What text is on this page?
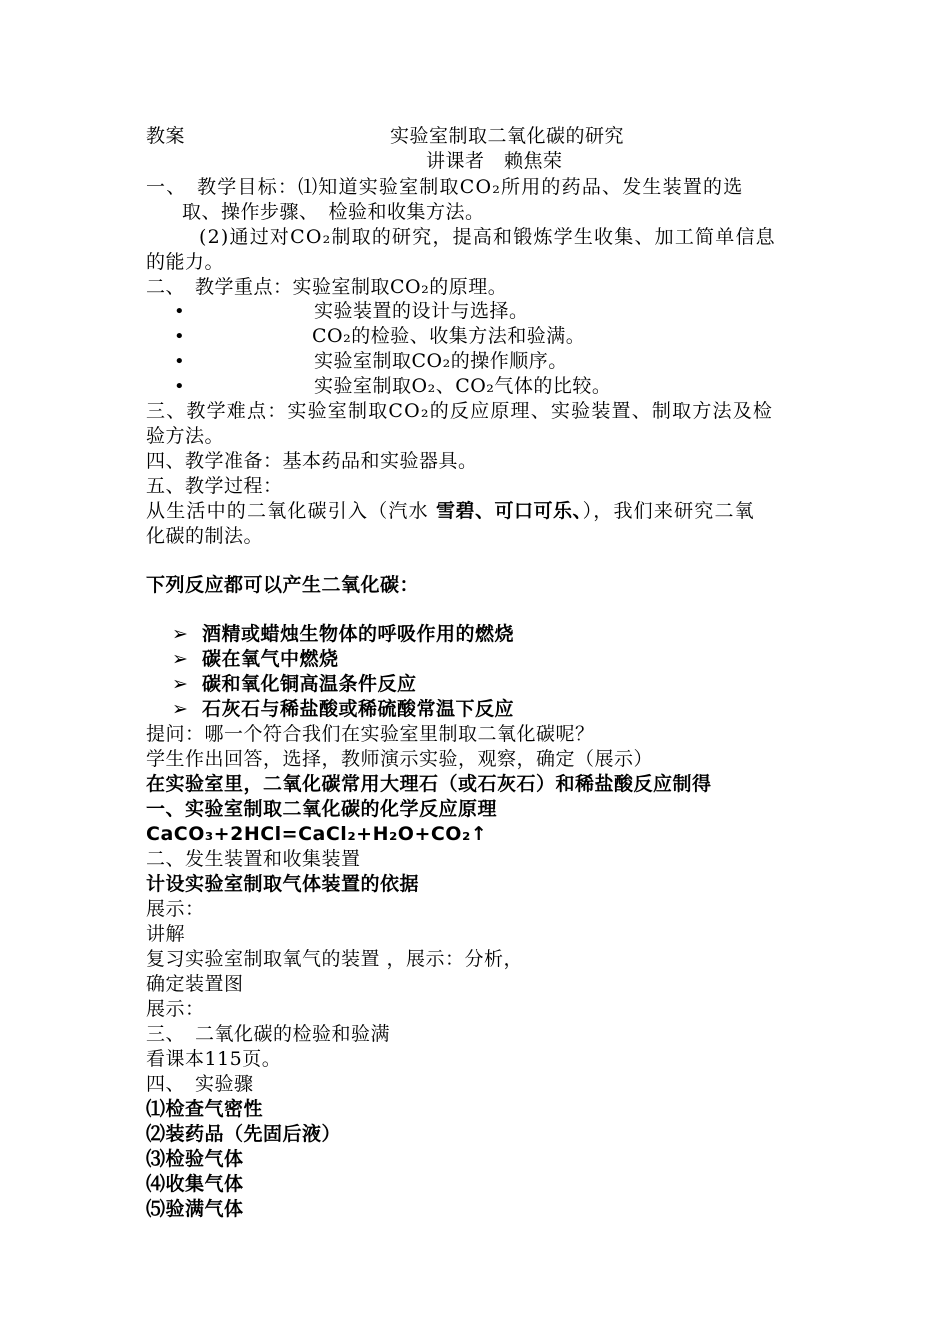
教案	实验室制取二氧化碳的研究
讲课者　赖焦荣
一、　教学目标：⑴知道实验室制取CO₂所用的药品、发生装置的选
取、操作步骤、　检验和收集方法。
(2)通过对CO₂制取的研究，提高和锻炼学生收集、加工简单信息
的能力。
二、　教学重点：实验室制取CO₂的原理。
•	实验装置的设计与选择。
•	CO₂的检验、收集方法和验满。
•	实验室制取CO₂的操作顺序。
•	实验室制取O₂、CO₂气体的比较。
三、教学难点：实验室制取CO₂的反应原理、实验装置、制取方法及检
验方法。
四、教学准备：基本药品和实验器具。
五、教学过程：
从生活中的二氧化碳引入（汽水 雪碧、可口可乐、），我们来研究二氧
化碳的制法。
下列反应都可以产生二氧化碳：
➢ 酒精或蜡烛生物体的呼吸作用的燃烧
➢ 碳在氧气中燃烧
➢ 碳和氧化铜高温条件反应
➢ 石灰石与稀盐酸或稀硫酸常温下反应
提问：哪一个符合我们在实验室里制取二氧化碳呢？
学生作出回答，选择，教师演示实验，观察，确定（展示）
在实验室里，二氧化碳常用大理石（或石灰石）和稀盐酸反应制得
一、实验室制取二氧化碳的化学反应原理
CaCO₃+2HCl=CaCl₂+H₂O+CO₂↑
二、发生装置和收集装置
计设实验室制取气体装置的依据
展示：
讲解
复习实验室制取氧气的装置 ，展示：分析，
确定装置图
展示：
三、　二氧化碳的检验和验满
看课本115页。
四、　实验骤
⑴检查气密性
⑵装药品（先固后液）
⑶检验气体
⑷收集气体
⑸验满气体
